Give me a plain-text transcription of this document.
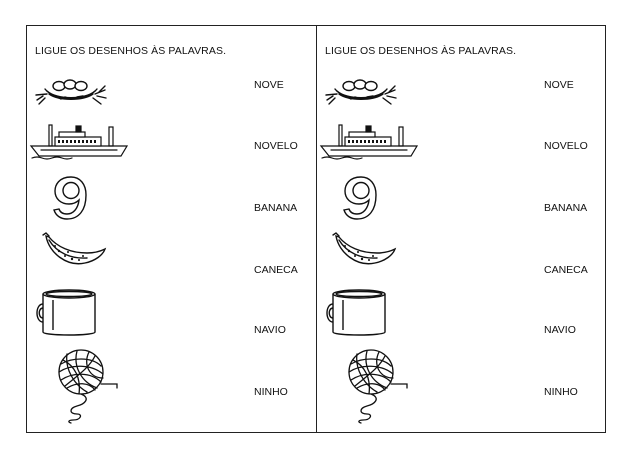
LIGUE OS DESENHOS ÀS PALAVRAS.
NOVE
NOVELO
BANANA
CANECA
NAVIO
NINHO
LIGUE OS DESENHOS ÀS PALAVRAS.
NOVE
NOVELO
BANANA
CANECA
NAVIO
NINHO
